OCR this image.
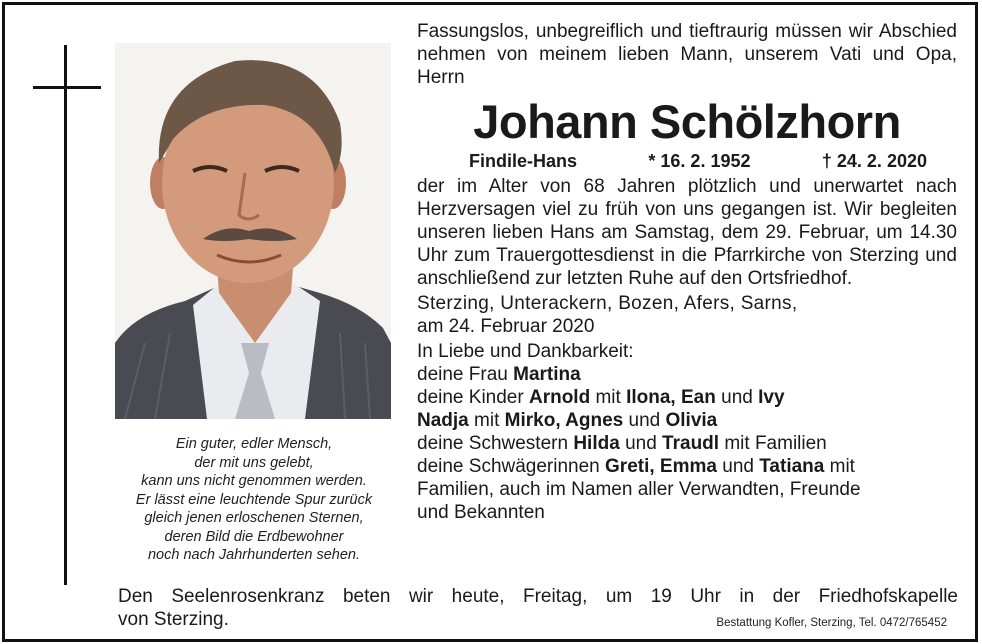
Ein guter, edler Mensch,
der mit uns gelebt,
kann uns nicht genommen werden.
Er lässt eine leuchtende Spur zurück
gleich jenen erloschenen Sternen,
deren Bild die Erdbewohner
noch nach Jahrhunderten sehen.
Fassungslos, unbegreiflich und tieftraurig müssen wir Abschied nehmen von meinem lieben Mann, unserem Vati und Opa, Herrn
Johann Schölzhorn
Findile-Hans	* 16. 2. 1952	† 24. 2. 2020
der im Alter von 68 Jahren plötzlich und unerwartet nach Herzversagen viel zu früh von uns gegangen ist. Wir begleiten unseren lieben Hans am Samstag, dem 29. Februar, um 14.30 Uhr zum Trauergottesdienst in die Pfarrkirche von Sterzing und anschließend zur letzten Ruhe auf den Ortsfriedhof.
Sterzing, Unterackern, Bozen, Afers, Sarns,
am 24. Februar 2020
In Liebe und Dankbarkeit:
deine Frau Martina
deine Kinder Arnold mit Ilona, Ean und Ivy
Nadja mit Mirko, Agnes und Olivia
deine Schwestern Hilda und Traudl mit Familien
deine Schwägerinnen Greti, Emma und Tatiana mit
Familien, auch im Namen aller Verwandten, Freunde
und Bekannten
Den Seelenrosenkranz beten wir heute, Freitag, um 19 Uhr in der Friedhofskapelle
von Sterzing.	Bestattung Kofler, Sterzing, Tel. 0472/765452
